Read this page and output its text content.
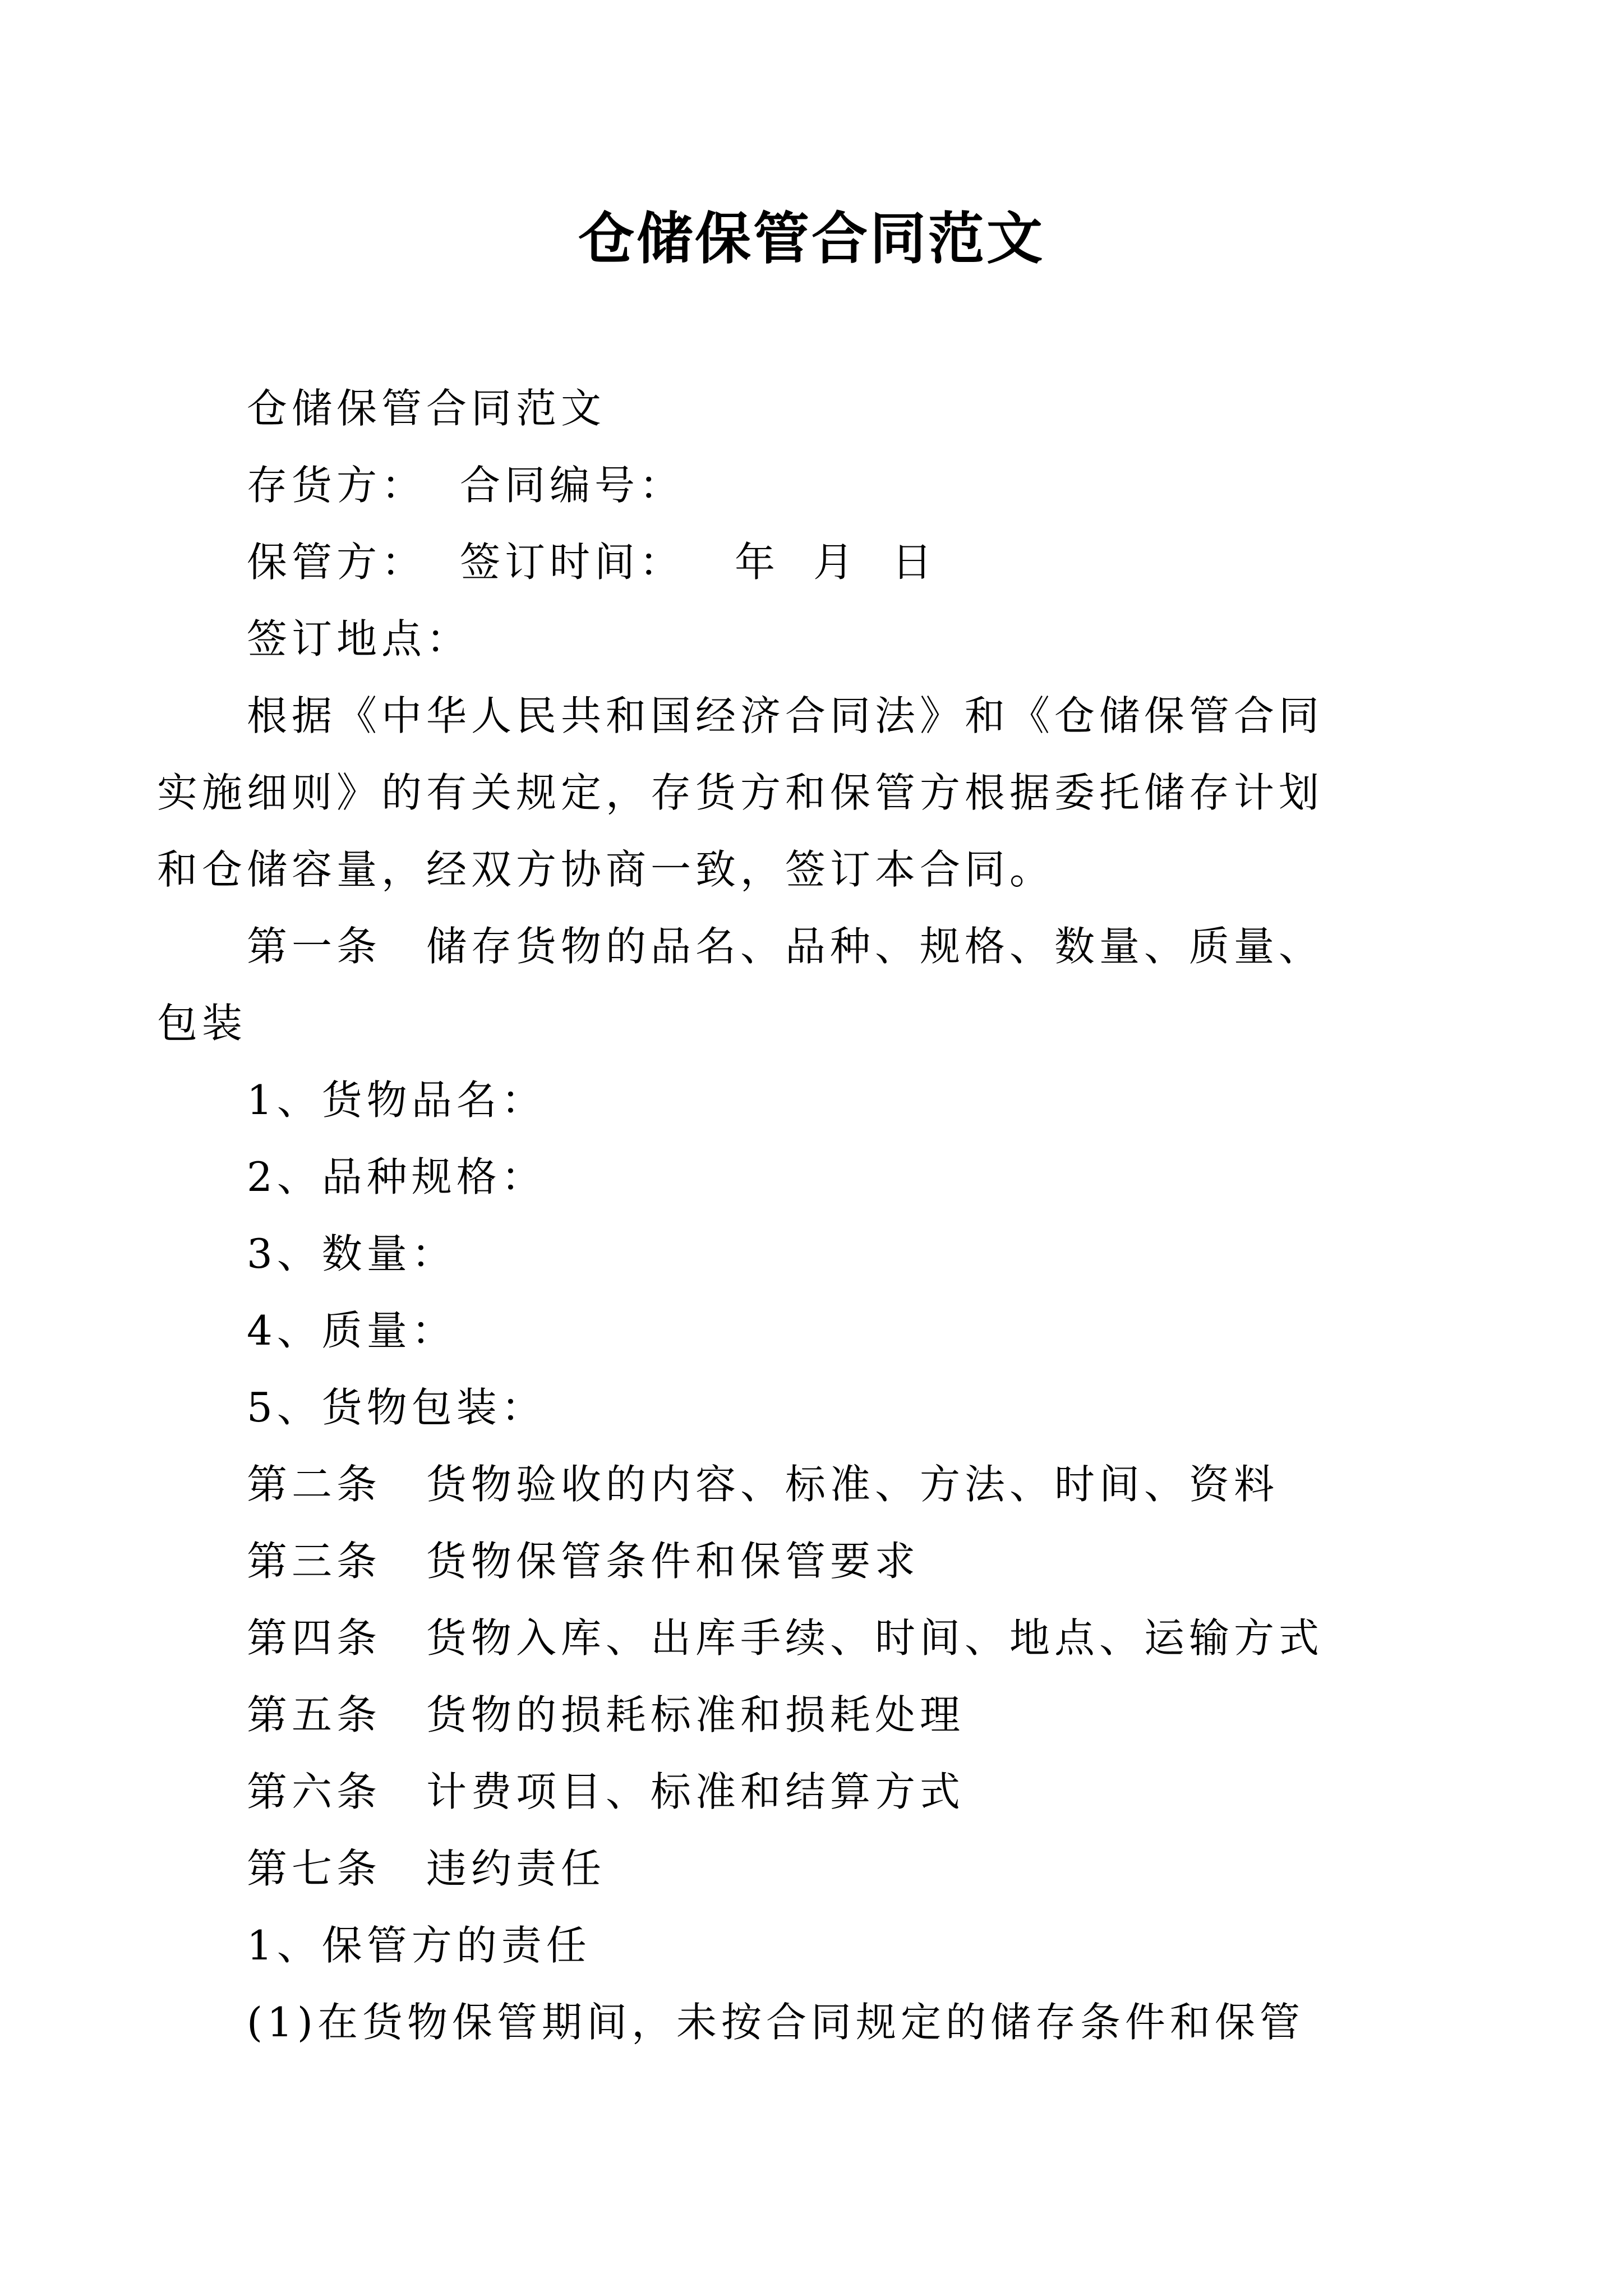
仓储保管合同范文
仓储保管合同范文
存货方： 合同编号：
保管方： 签订时间： 年 月 日
签订地点：
根据《中华人民共和国经济合同法》和《仓储保管合同
实施细则》的有关规定，存货方和保管方根据委托储存计划
和仓储容量，经双方协商一致，签订本合同。
第一条　储存货物的品名、品种、规格、数量、质量、
包装
1、货物品名：
2、品种规格：
3、数量：
4、质量：
5、货物包装：
第二条　货物验收的内容、标准、方法、时间、资料
第三条　货物保管条件和保管要求
第四条　货物入库、出库手续、时间、地点、运输方式
第五条　货物的损耗标准和损耗处理
第六条　计费项目、标准和结算方式
第七条　违约责任
1、保管方的责任
(1)在货物保管期间，未按合同规定的储存条件和保管
